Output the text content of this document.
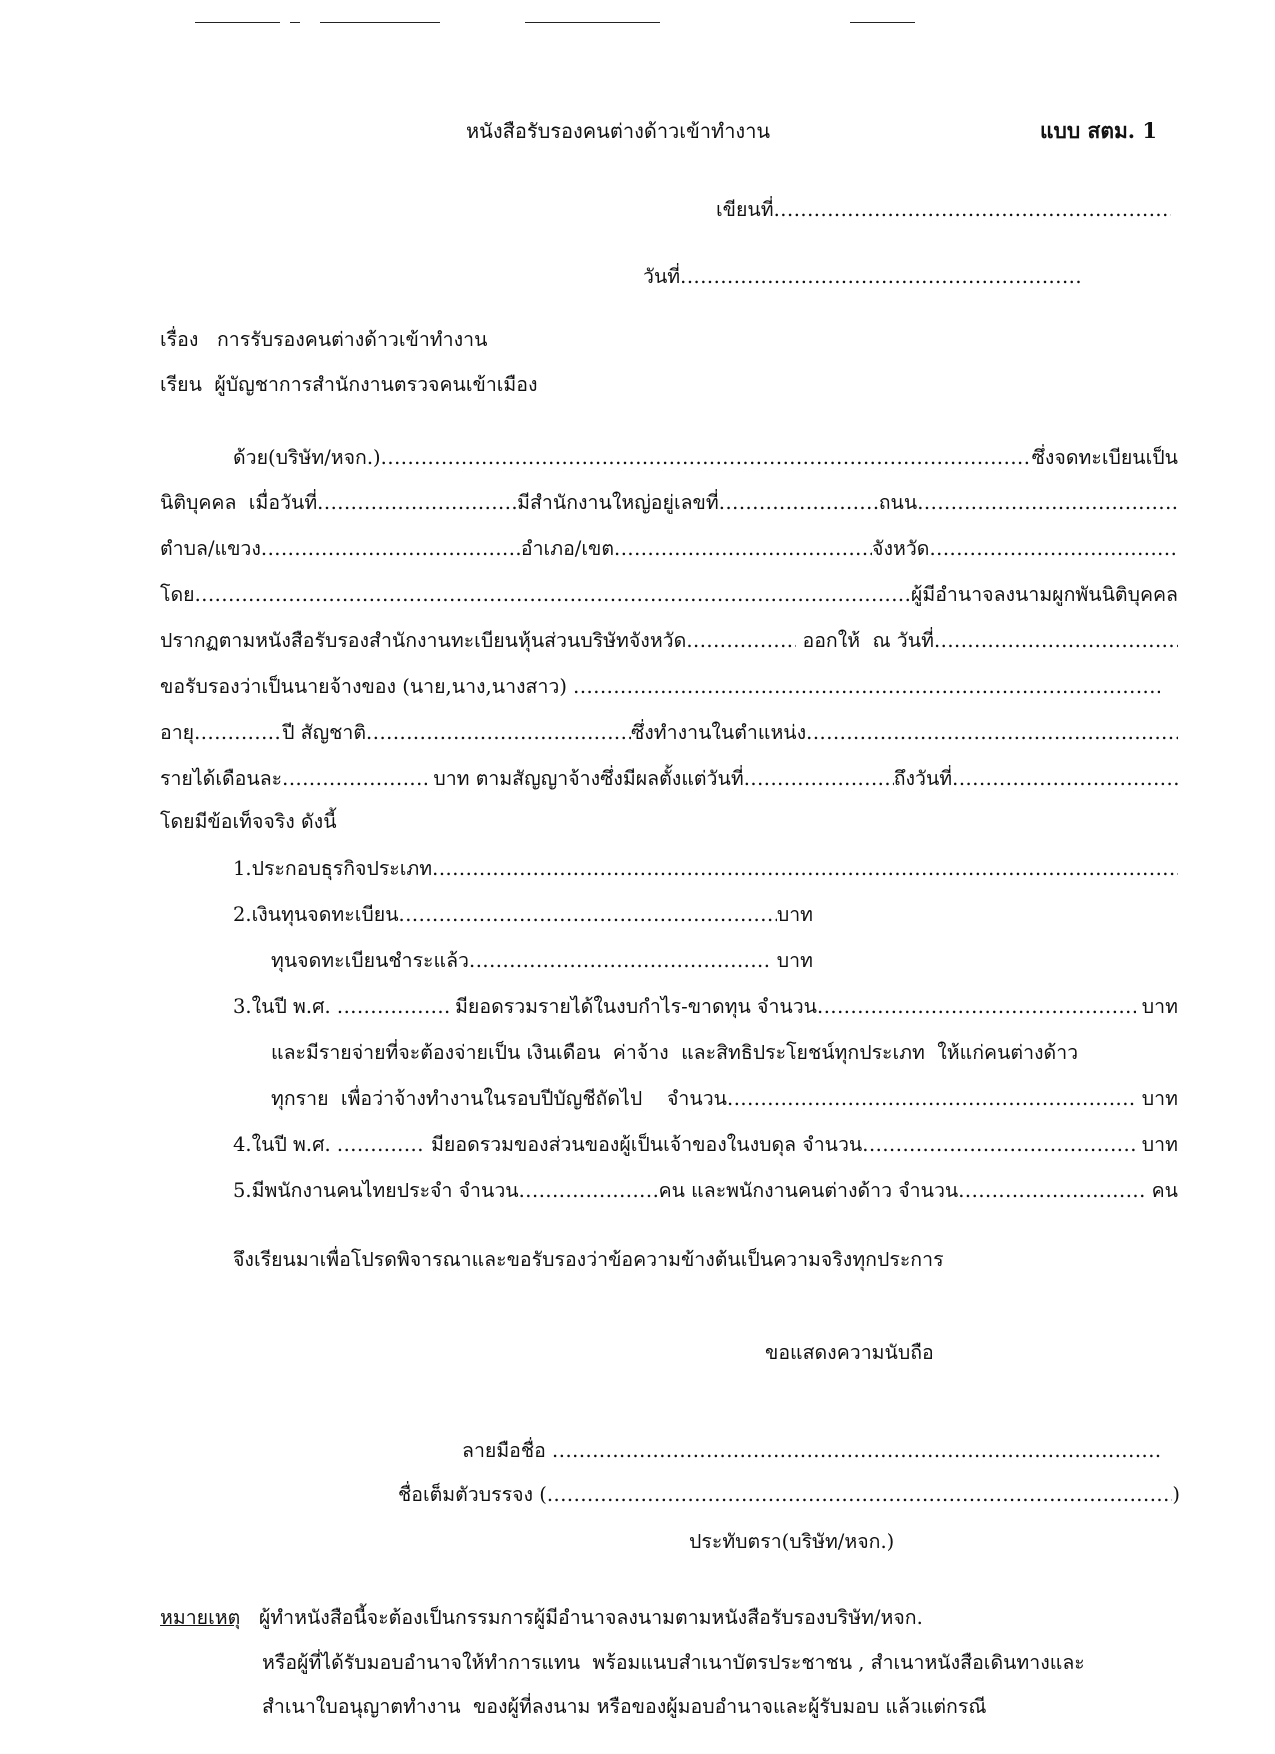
หนังสือรับรองคนต่างด้าวเข้าทำงาน	แบบ สตม. 1
เขียนที่
.....
วันที่
.....
เรื่อง
การรับรองคนต่างด้าวเข้าทำงาน
เรียน
ผู้บัญชาการสำนักงานตรวจคนเข้าเมือง
ด้วย(บริษัท/หจก.) .....	ซึ่งจดทะเบียนเป็น
นิติบุคคล  เมื่อวันที่ .....	มีสำนักงานใหญ่อยู่เลขที่ .....	ถนน
.....
ตำบล/แขวง .....	อำเภอ/เขต .....	จังหวัด
.....
โดย .....	ผู้มีอำนาจลงนามผูกพันนิติบุคคล
ปรากฏตามหนังสือรับรองสำนักงานทะเบียนหุ้นส่วนบริษัทจังหวัด .....	ออกให้  ณ วันที่
.....
ขอรับรองว่าเป็นนายจ้างของ (นาย,นาง,นางสาว)
.....
อายุ .....	ปี สัญชาติ .....	ซึ่งทำงานในตำแหน่ง
.....
รายได้เดือนละ .....	บาท ตามสัญญาจ้างซึ่งมีผลตั้งแต่วันที่ .....	ถึงวันที่
.....
โดยมีข้อเท็จจริง ดังนี้
1. ประกอบธุรกิจประเภท
.....
2. เงินทุนจดทะเบียน .....	บาท
ทุนจดทะเบียนชำระแล้ว .....	บาท
3. ในปี พ.ศ. .....	มียอดรวมรายได้ในงบกำไร-ขาดทุน จำนวน .....	บาท
และมีรายจ่ายที่จะต้องจ่ายเป็น เงินเดือน  ค่าจ้าง  และสิทธิประโยชน์ทุกประเภท  ให้แก่คนต่างด้าว
ทุกราย  เพื่อว่าจ้างทำงานในรอบปีบัญชีถัดไป    จำนวน .....	บาท
4. ในปี พ.ศ. .....	มียอดรวมของส่วนของผู้เป็นเจ้าของในงบดุล จำนวน .....	บาท
5. มีพนักงานคนไทยประจำ จำนวน .....	คน และพนักงานคนต่างด้าว จำนวน .....	คน
จึงเรียนมาเพื่อโปรดพิจารณาและขอรับรองว่าข้อความข้างต้นเป็นความจริงทุกประการ
ขอแสดงความนับถือ
ลายมือชื่อ
.....
ชื่อเต็มตัวบรรจง ( .....	)
ประทับตรา(บริษัท/หจก.)
หมายเหตุ
ผู้ทำหนังสือนี้จะต้องเป็นกรรมการผู้มีอำนาจลงนามตามหนังสือรับรองบริษัท/หจก.
หรือผู้ที่ได้รับมอบอำนาจให้ทำการแทน  พร้อมแนบสำเนาบัตรประชาชน , สำเนาหนังสือเดินทางและ
สำเนาใบอนุญาตทำงาน  ของผู้ที่ลงนาม หรือของผู้มอบอำนาจและผู้รับมอบ แล้วแต่กรณี
